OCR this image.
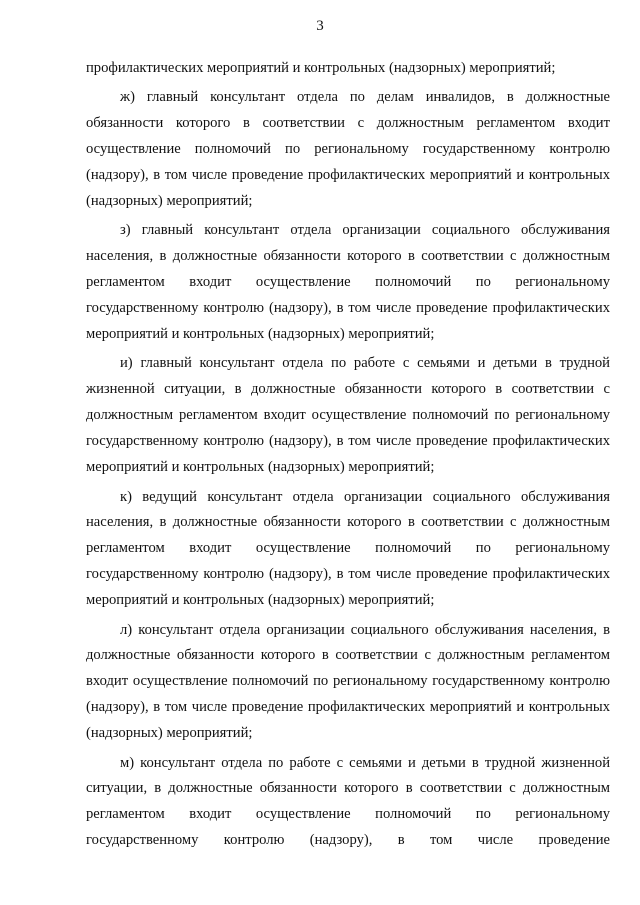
3

профилактических мероприятий и контрольных (надзорных) мероприятий;

ж) главный консультант отдела по делам инвалидов, в должностные обязанности которого в соответствии с должностным регламентом входит осуществление полномочий по региональному государственному контролю (надзору), в том числе проведение профилактических мероприятий и контрольных (надзорных) мероприятий;

з) главный консультант отдела организации социального обслуживания населения, в должностные обязанности которого в соответствии с должностным регламентом входит осуществление полномочий по региональному государственному контролю (надзору), в том числе проведение профилактических мероприятий и контрольных (надзорных) мероприятий;

и) главный консультант отдела по работе с семьями и детьми в трудной жизненной ситуации, в должностные обязанности которого в соответствии с должностным регламентом входит осуществление полномочий по региональному государственному контролю (надзору), в том числе проведение профилактических мероприятий и контрольных (надзорных) мероприятий;

к) ведущий консультант отдела организации социального обслуживания населения, в должностные обязанности которого в соответствии с должностным регламентом входит осуществление полномочий по региональному государственному контролю (надзору), в том числе проведение профилактических мероприятий и контрольных (надзорных) мероприятий;

л) консультант отдела организации социального обслуживания населения, в должностные обязанности которого в соответствии с должностным регламентом входит осуществление полномочий по региональному государственному контролю (надзору), в том числе проведение профилактических мероприятий и контрольных (надзорных) мероприятий;

м) консультант отдела по работе с семьями и детьми в трудной жизненной ситуации, в должностные обязанности которого в соответствии с должностным регламентом входит осуществление полномочий по региональному государственному контролю (надзору), в том числе проведение
